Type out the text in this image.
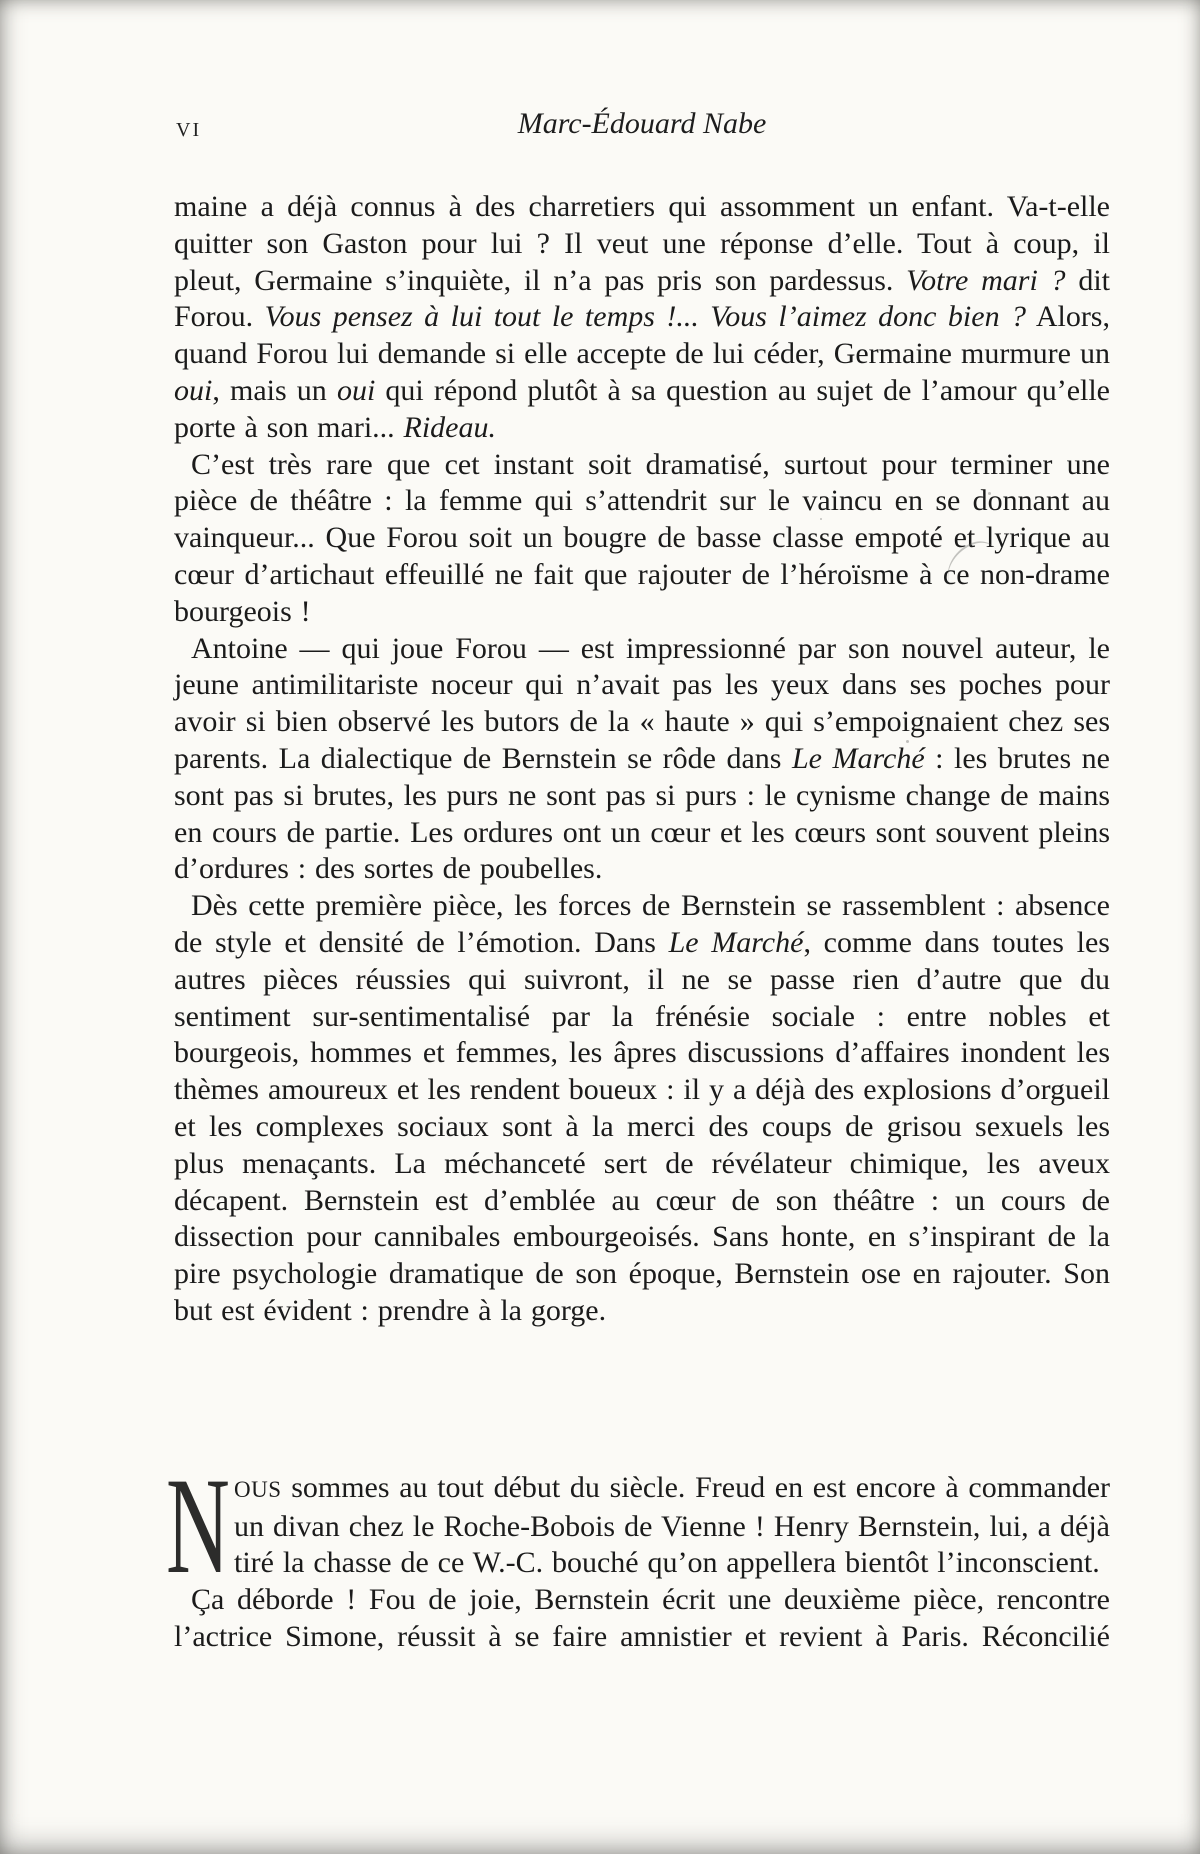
VI	Marc-Édouard Nabe

maine a déjà connus à des charretiers qui assomment un enfant. Va-t-elle quitter son Gaston pour lui ? Il veut une réponse d’elle. Tout à coup, il pleut, Germaine s’inquiète, il n’a pas pris son pardessus. Votre mari ? dit Forou. Vous pensez à lui tout le temps !... Vous l’aimez donc bien ? Alors, quand Forou lui demande si elle accepte de lui céder, Germaine murmure un oui, mais un oui qui répond plutôt à sa question au sujet de l’amour qu’elle porte à son mari... Rideau.

C’est très rare que cet instant soit dramatisé, surtout pour terminer une pièce de théâtre : la femme qui s’attendrit sur le vaincu en se donnant au vainqueur... Que Forou soit un bougre de basse classe empoté et lyrique au cœur d’artichaut effeuillé ne fait que rajouter de l’héroïsme à ce non-drame bourgeois !

Antoine — qui joue Forou — est impressionné par son nouvel auteur, le jeune antimilitariste noceur qui n’avait pas les yeux dans ses poches pour avoir si bien observé les butors de la « haute » qui s’empoignaient chez ses parents. La dialectique de Bernstein se rôde dans Le Marché : les brutes ne sont pas si brutes, les purs ne sont pas si purs : le cynisme change de mains en cours de partie. Les ordures ont un cœur et les cœurs sont souvent pleins d’ordures : des sortes de poubelles.

Dès cette première pièce, les forces de Bernstein se rassemblent : absence de style et densité de l’émotion. Dans Le Marché, comme dans toutes les autres pièces réussies qui suivront, il ne se passe rien d’autre que du sentiment sur-sentimentalisé par la frénésie sociale : entre nobles et bourgeois, hommes et femmes, les âpres discussions d’affaires inondent les thèmes amoureux et les rendent boueux : il y a déjà des explosions d’orgueil et les complexes sociaux sont à la merci des coups de grisou sexuels les plus menaçants. La méchanceté sert de révélateur chimique, les aveux décapent. Bernstein est d’emblée au cœur de son théâtre : un cours de dissection pour cannibales embourgeoisés. Sans honte, en s’inspirant de la pire psychologie dramatique de son époque, Bernstein ose en rajouter. Son but est évident : prendre à la gorge.

N OUS sommes au tout début du siècle. Freud en est encore à commander un divan chez le Roche-Bobois de Vienne ! Henry Bernstein, lui, a déjà tiré la chasse de ce W.-C. bouché qu’on appellera bientôt l’inconscient.

Ça déborde ! Fou de joie, Bernstein écrit une deuxième pièce, rencontre l’actrice Simone, réussit à se faire amnistier et revient à Paris. Réconcilié
